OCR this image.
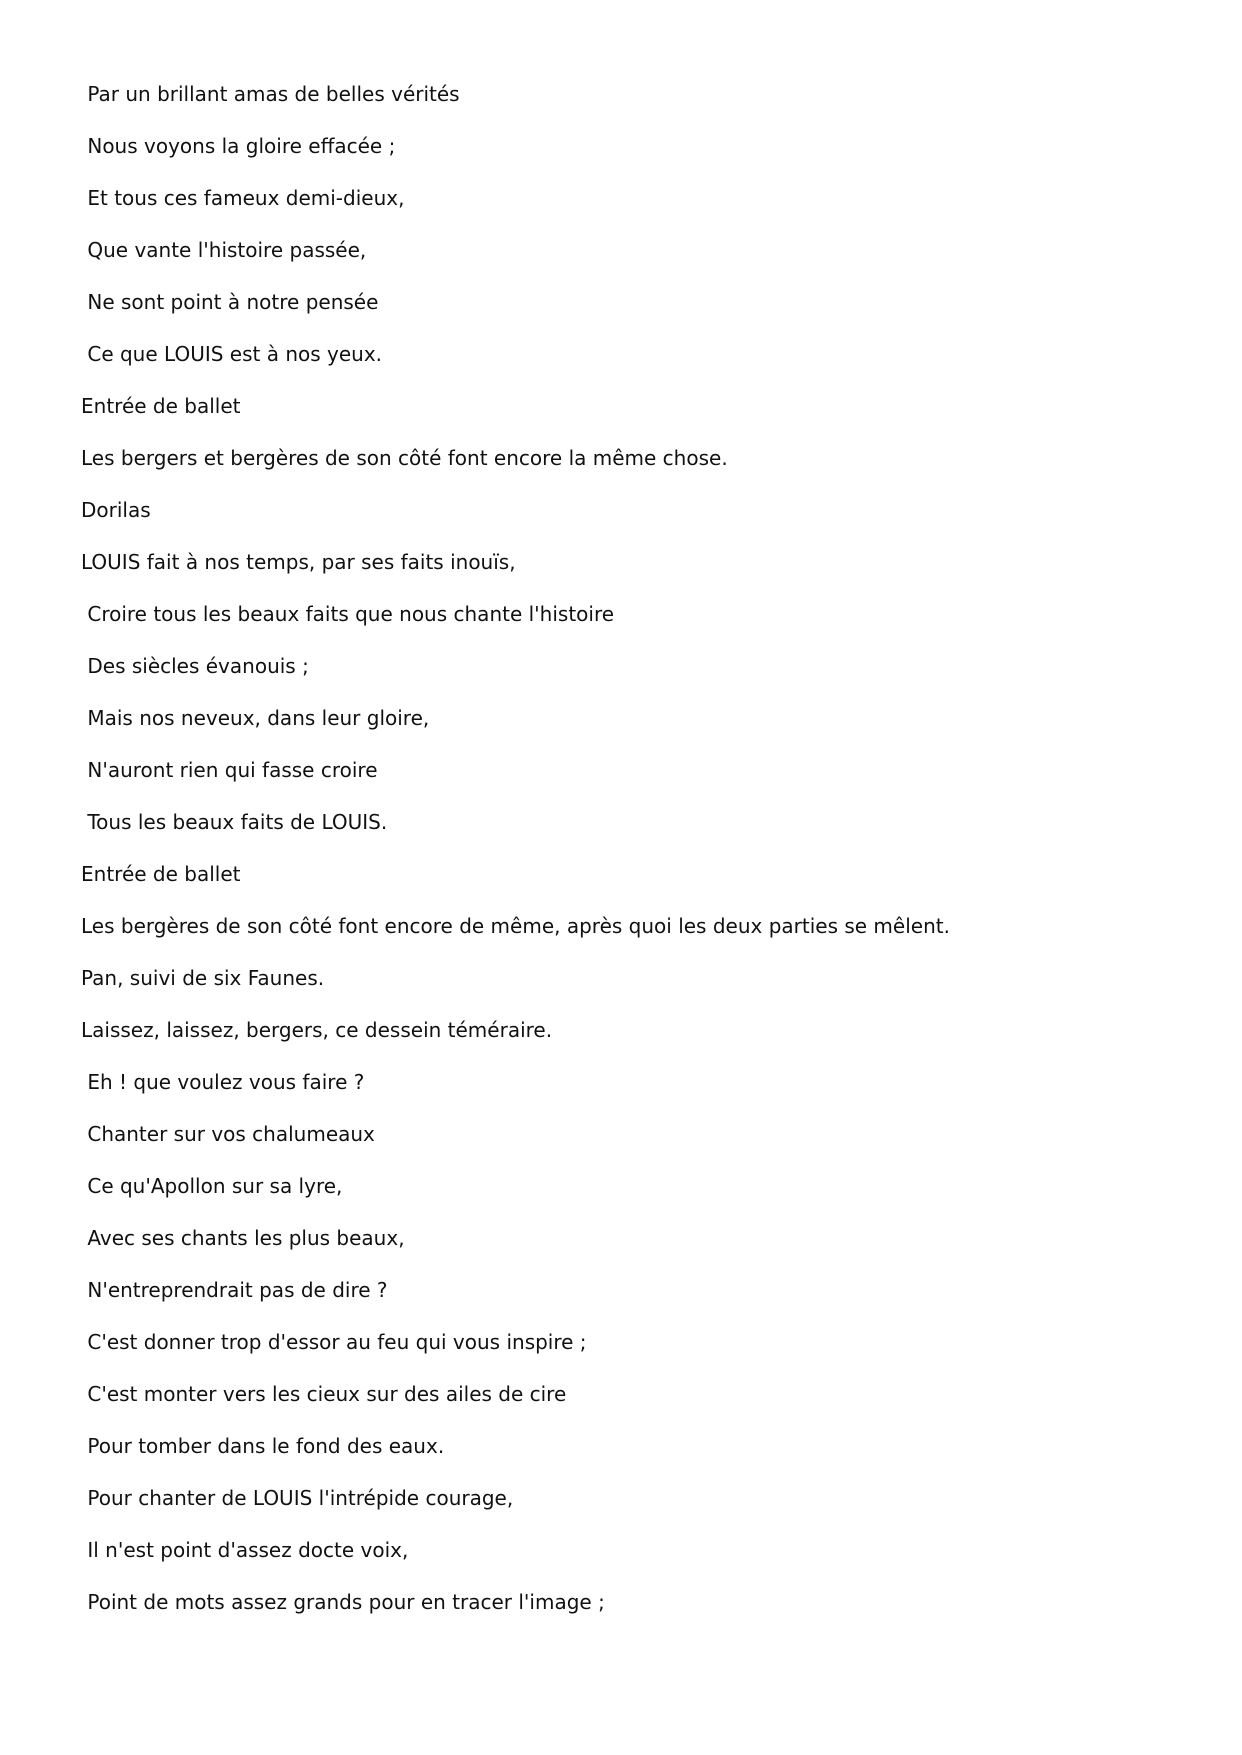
Par un brillant amas de belles vérités

Nous voyons la gloire effacée ;

Et tous ces fameux demi-dieux,

Que vante l'histoire passée,

Ne sont point à notre pensée

Ce que LOUIS est à nos yeux.

Entrée de ballet

Les bergers et bergères de son côté font encore la même chose.

Dorilas

LOUIS fait à nos temps, par ses faits inouïs,

Croire tous les beaux faits que nous chante l'histoire

Des siècles évanouis ;

Mais nos neveux, dans leur gloire,

N'auront rien qui fasse croire

Tous les beaux faits de LOUIS.

Entrée de ballet

Les bergères de son côté font encore de même, après quoi les deux parties se mêlent.

Pan, suivi de six Faunes.

Laissez, laissez, bergers, ce dessein téméraire.

Eh ! que voulez vous faire ?

Chanter sur vos chalumeaux

Ce qu'Apollon sur sa lyre,

Avec ses chants les plus beaux,

N'entreprendrait pas de dire ?

C'est donner trop d'essor au feu qui vous inspire ;

C'est monter vers les cieux sur des ailes de cire

Pour tomber dans le fond des eaux.

Pour chanter de LOUIS l'intrépide courage,

Il n'est point d'assez docte voix,

Point de mots assez grands pour en tracer l'image ;
